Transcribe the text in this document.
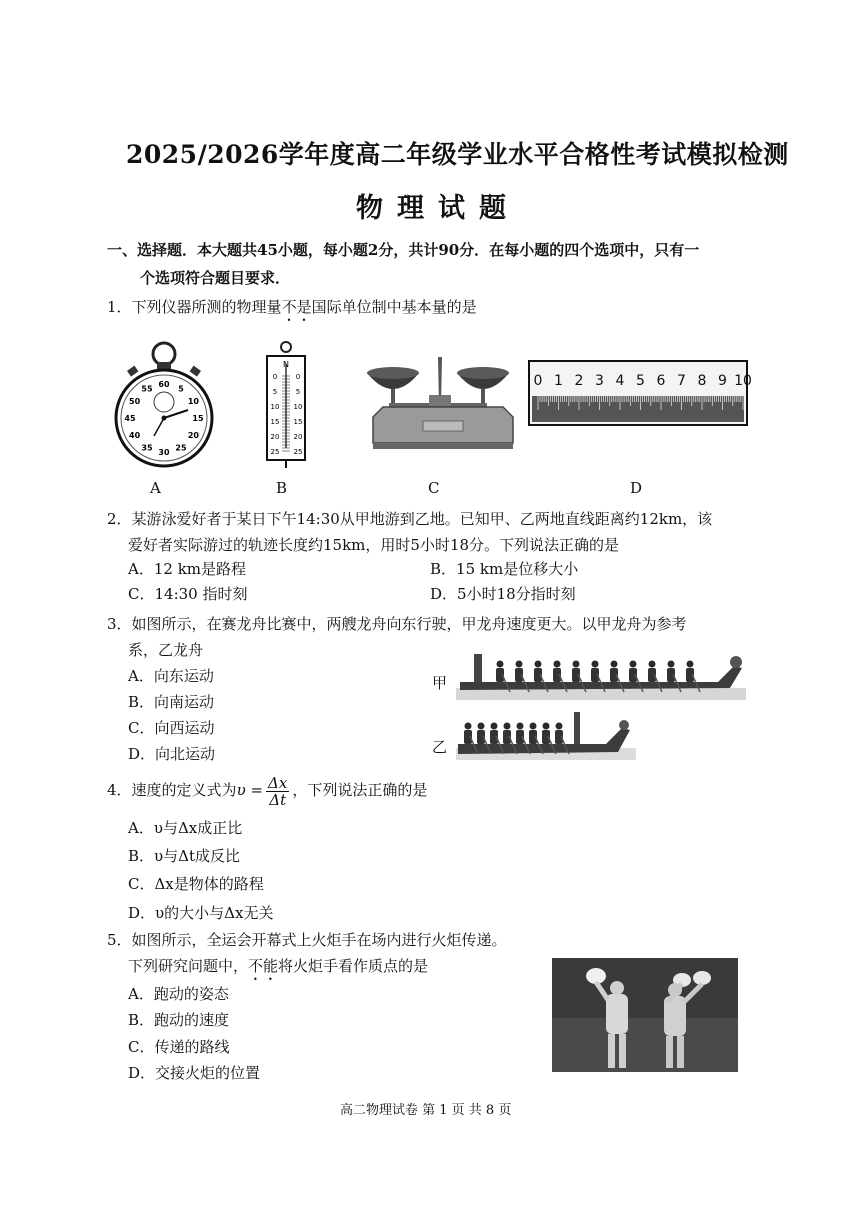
2025/2026学年度高二年级学业水平合格性考试模拟检测
物理试题
一、选择题．本大题共45小题，每小题2分，共计90分．在每小题的四个选项中，只有一
个选项符合题目要求．
1．下列仪器所测的物理量不是国际单位制中基本量的是
60
55	5
50	10
45	15
40	20
35	25
30
A
N
0	0
5	5
10 10
15 15
20 20
25 25
B	C
0 1 2 3 4 5 6 7 8 9 10
D
2．某游泳爱好者于某日下午14:30从甲地游到乙地。已知甲、乙两地直线距离约12km，该
爱好者实际游过的轨迹长度约15km，用时5小时18分。下列说法正确的是
A．12 km是路程	B．15 km是位移大小
C．14:30 指时刻	D．5小时18分指时刻
3．如图所示，在赛龙舟比赛中，两艘龙舟向东行驶，甲龙舟速度更大。以甲龙舟为参考
系，乙龙舟
A．向东运动
B．向南运动
C．向西运动
D．向北运动
甲
乙
4．速度的定义式为$\upsilon = \frac{\Delta x}{\Delta t}$ ，下列说法正确的是
A．υ与Δx成正比
B．υ与Δt成反比
C．Δx是物体的路程
D．υ的大小与Δx无关
5．如图所示，全运会开幕式上火炬手在场内进行火炬传递。
下列研究问题中，不能将火炬手看作质点的是
A．跑动的姿态
B．跑动的速度
C．传递的路线
D．交接火炬的位置
高二物理试卷 第 1 页 共 8 页
